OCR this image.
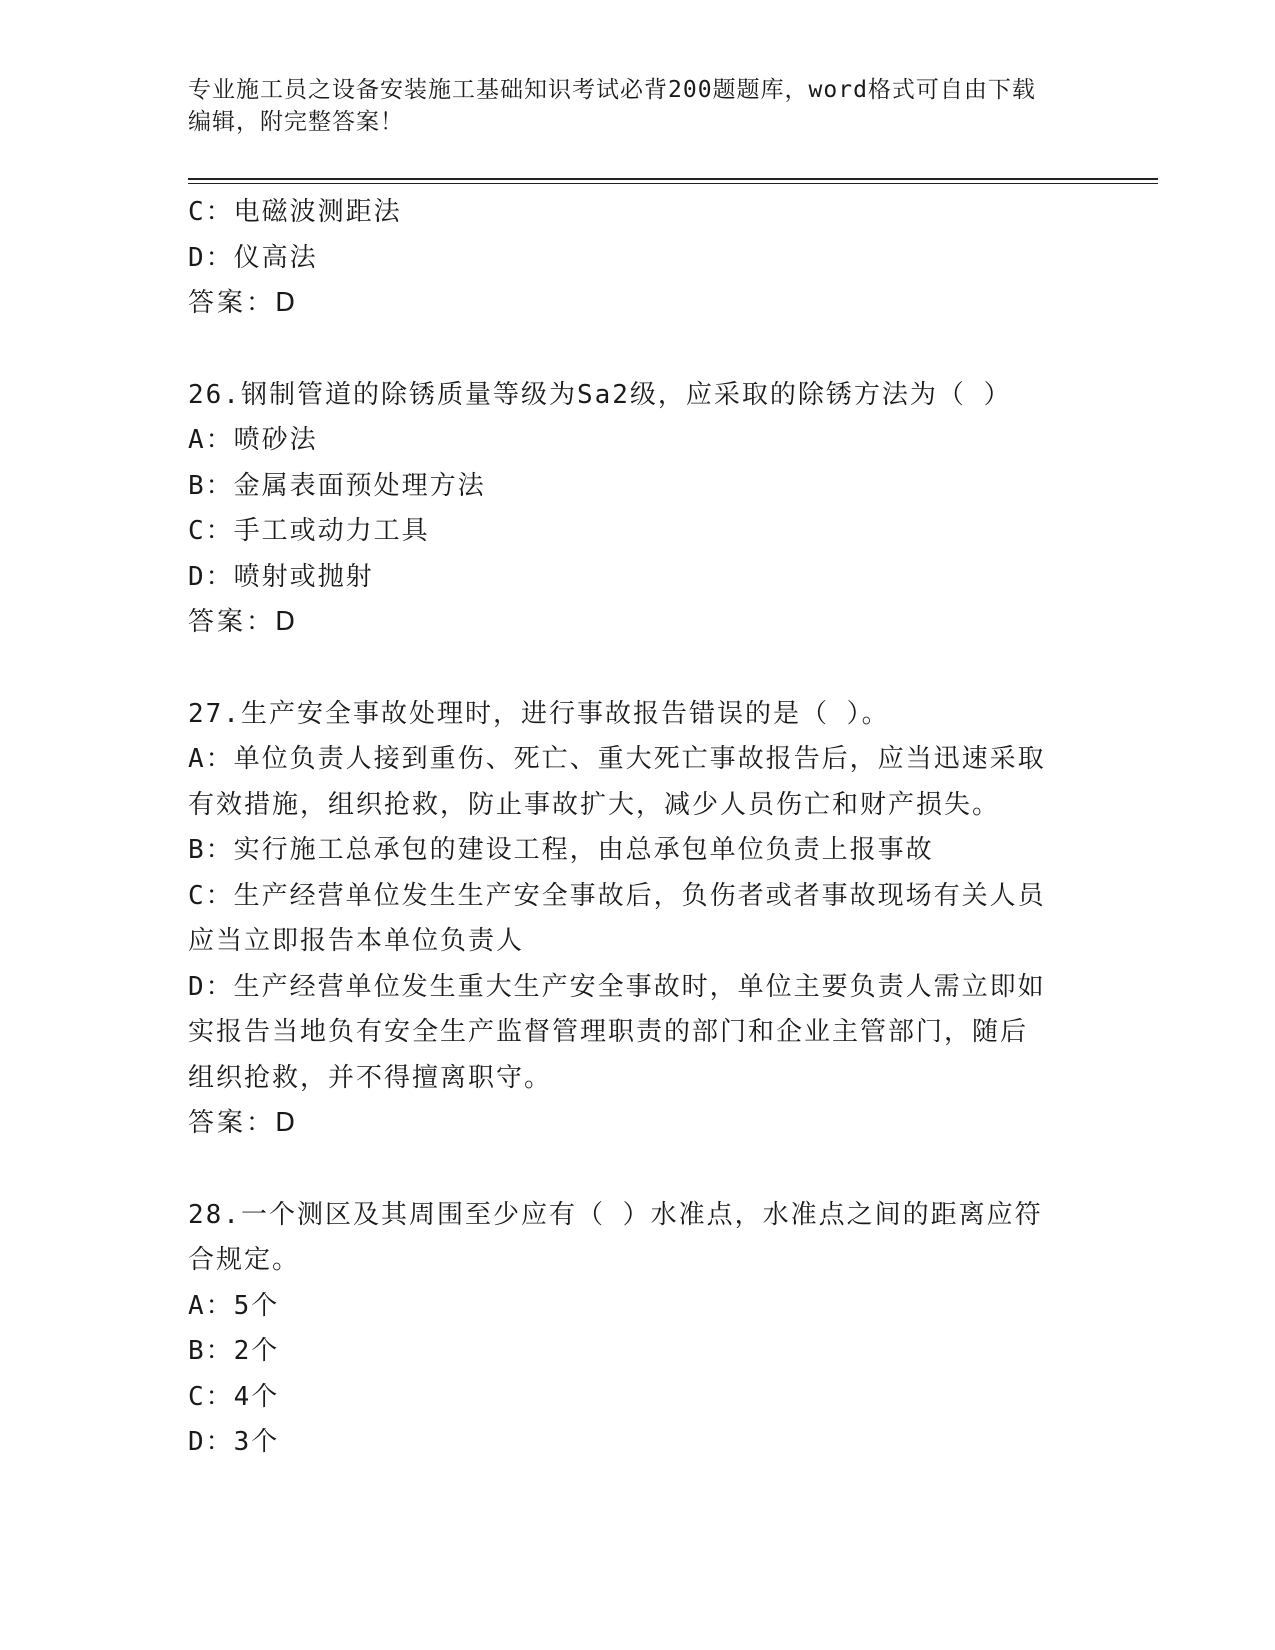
专业施工员之设备安装施工基础知识考试必背200题题库，word格式可自由下载
编辑，附完整答案！
C：电磁波测距法
D：仪高法
答案：D
26.钢制管道的除锈质量等级为Sa2级，应采取的除锈方法为（ ）
A：喷砂法
B：金属表面预处理方法
C：手工或动力工具
D：喷射或抛射
答案：D
27.生产安全事故处理时，进行事故报告错误的是（ ）。
A：单位负责人接到重伤、死亡、重大死亡事故报告后，应当迅速采取
有效措施，组织抢救，防止事故扩大，减少人员伤亡和财产损失。
B：实行施工总承包的建设工程，由总承包单位负责上报事故
C：生产经营单位发生生产安全事故后，负伤者或者事故现场有关人员
应当立即报告本单位负责人
D：生产经营单位发生重大生产安全事故时，单位主要负责人需立即如
实报告当地负有安全生产监督管理职责的部门和企业主管部门，随后
组织抢救，并不得擅离职守。
答案：D
28.一个测区及其周围至少应有（ ）水准点，水准点之间的距离应符
合规定。
A：5个
B：2个
C：4个
D：3个
